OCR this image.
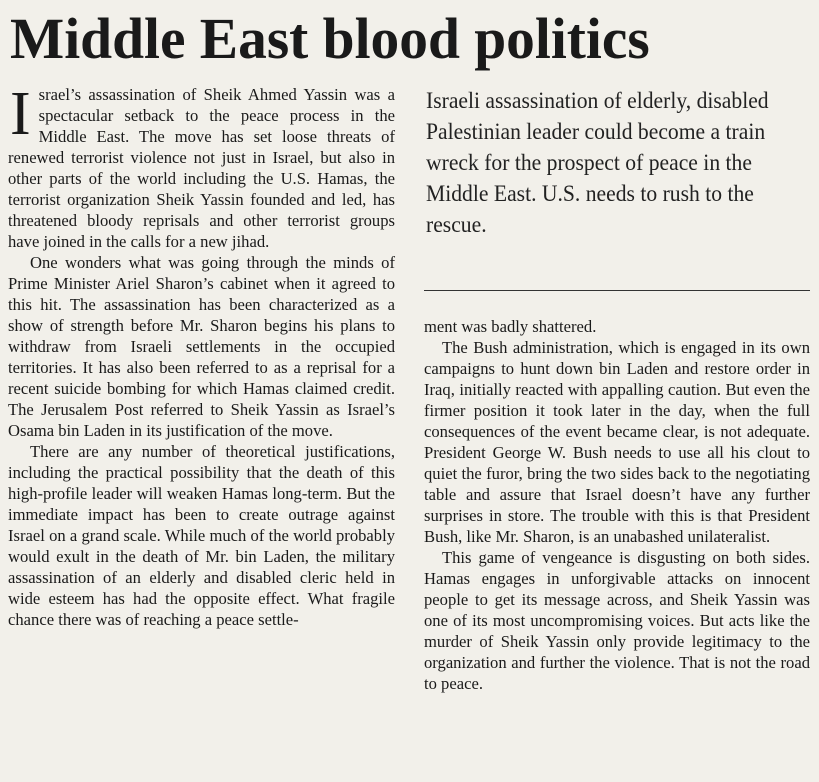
Middle East blood politics

Israel’s assassination of Sheik Ahmed Yassin was a spectacular setback to the peace process in the Middle East. The move has set loose threats of renewed terrorist violence not just in Israel, but also in other parts of the world including the U.S. Hamas, the terrorist organization Sheik Yassin founded and led, has threatened bloody reprisals and other terrorist groups have joined in the calls for a new jihad.

One wonders what was going through the minds of Prime Minister Ariel Sharon’s cabinet when it agreed to this hit. The assassination has been characterized as a show of strength before Mr. Sharon begins his plans to withdraw from Israeli settlements in the occupied territories. It has also been referred to as a reprisal for a recent suicide bombing for which Hamas claimed credit. The Jerusalem Post referred to Sheik Yassin as Israel’s Osama bin Laden in its justification of the move.

There are any number of theoretical justifications, including the practical possibility that the death of this high-profile leader will weaken Hamas long-term. But the immediate impact has been to create outrage against Israel on a grand scale. While much of the world probably would exult in the death of Mr. bin Laden, the military assassination of an elderly and disabled cleric held in wide esteem has had the opposite effect. What fragile chance there was of reaching a peace settle-

Israeli assassination of elderly, disabled Palestinian leader could become a train wreck for the prospect of peace in the Middle East. U.S. needs to rush to the rescue.

ment was badly shattered.

The Bush administration, which is engaged in its own campaigns to hunt down bin Laden and restore order in Iraq, initially reacted with appalling caution. But even the firmer position it took later in the day, when the full consequences of the event became clear, is not adequate. President George W. Bush needs to use all his clout to quiet the furor, bring the two sides back to the negotiating table and assure that Israel doesn’t have any further surprises in store. The trouble with this is that President Bush, like Mr. Sharon, is an unabashed unilateralist.

This game of vengeance is disgusting on both sides. Hamas engages in unforgivable attacks on innocent people to get its message across, and Sheik Yassin was one of its most uncompromising voices. But acts like the murder of Sheik Yassin only provide legitimacy to the organization and further the violence. That is not the road to peace.
